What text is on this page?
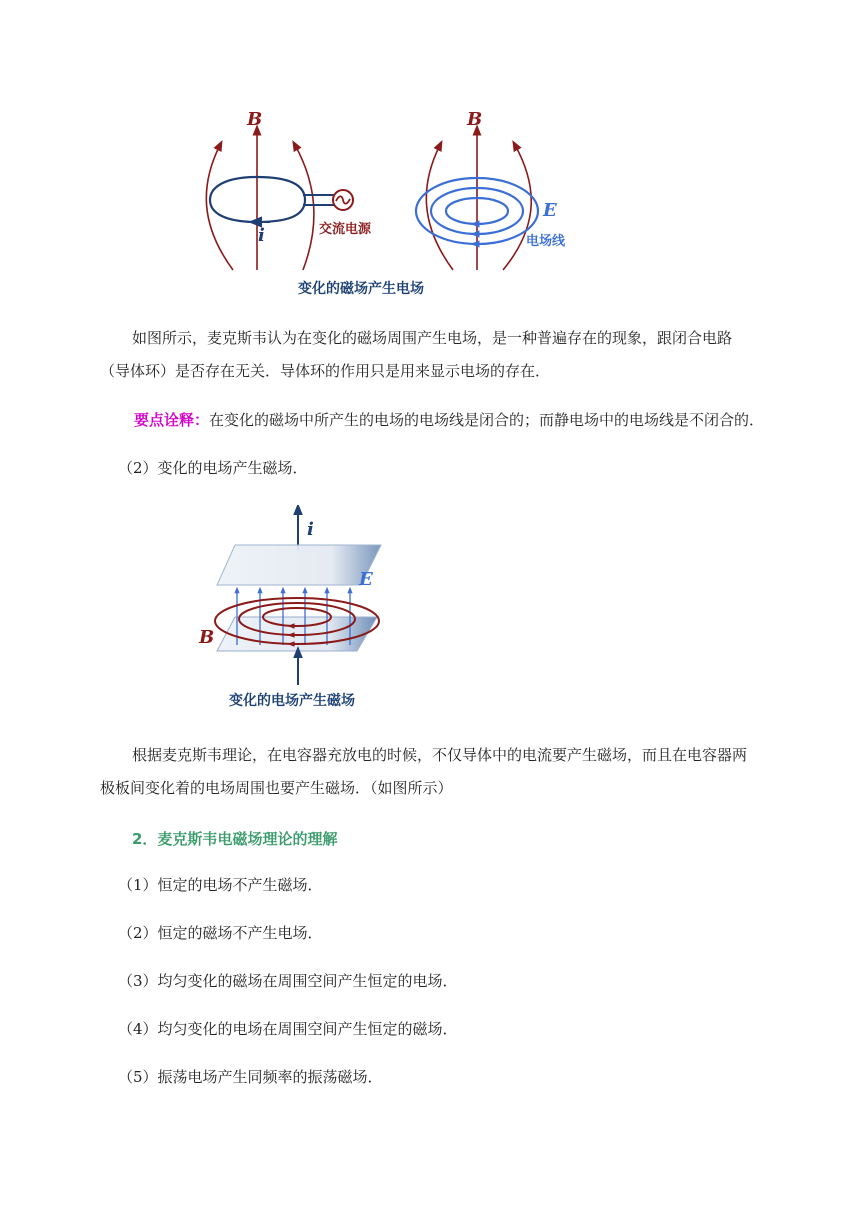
B	B
i
E
交流电源
电场线
变化的磁场产生电场
如图所示，麦克斯韦认为在变化的磁场周围产生电场，是一种普遍存在的现象，跟闭合电路（导体环）是否存在无关．导体环的作用只是用来显示电场的存在．
要点诠释：在变化的磁场中所产生的电场的电场线是闭合的；而静电场中的电场线是不闭合的．
（2）变化的电场产生磁场．
i
E
B
变化的电场产生磁场
根据麦克斯韦理论，在电容器充放电的时候，不仅导体中的电流要产生磁场，而且在电容器两极板间变化着的电场周围也要产生磁场．（如图所示）
2．麦克斯韦电磁场理论的理解
（1）恒定的电场不产生磁场．
（2）恒定的磁场不产生电场．
（3）均匀变化的磁场在周围空间产生恒定的电场．
（4）均匀变化的电场在周围空间产生恒定的磁场．
（5）振荡电场产生同频率的振荡磁场．
